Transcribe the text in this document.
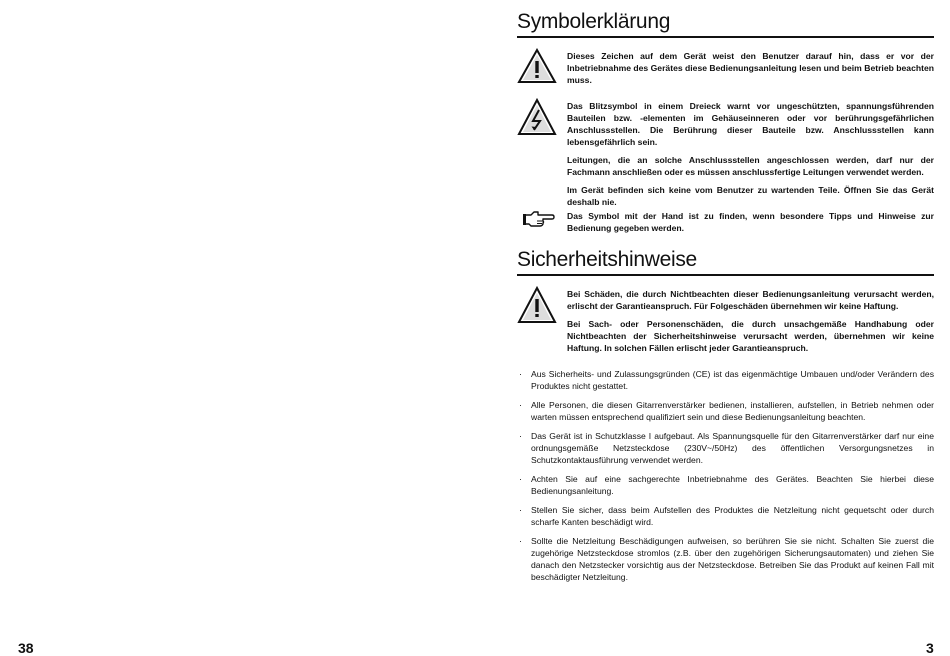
38	3
Symbolerklärung
Dieses Zeichen auf dem Gerät weist den Benutzer darauf hin, dass er vor der Inbetriebnahme des Gerätes diese Bedienungsanleitung lesen und beim Betrieb beachten muss.

Das Blitzsymbol in einem Dreieck warnt vor ungeschützten, spannungsführenden Bauteilen bzw. -elementen im Gehäuseinneren oder vor berührungsgefährlichen Anschlussstellen. Die Berührung dieser Bauteile bzw. Anschlussstellen kann lebensgefährlich sein.

Leitungen, die an solche Anschlussstellen angeschlossen werden, darf nur der Fachmann anschließen oder es müssen anschlussfertige Leitungen verwendet werden.

Im Gerät befinden sich keine vom Benutzer zu wartenden Teile. Öffnen Sie das Gerät deshalb nie.

Das Symbol mit der Hand ist zu finden, wenn besondere Tipps und Hinweise zur Bedienung gegeben werden.
Sicherheitshinweise

Bei Schäden, die durch Nichtbeachten dieser Bedienungsanleitung verursacht werden, erlischt der Garantieanspruch. Für Folgeschäden übernehmen wir keine Haftung.

Bei Sach- oder Personenschäden, die durch unsachgemäße Handhabung oder Nichtbeachten der Sicherheitshinweise verursacht werden, übernehmen wir keine Haftung. In solchen Fällen erlischt jeder Garantieanspruch.

· Aus Sicherheits- und Zulassungsgründen (CE) ist das eigenmächtige Umbauen und/oder Verändern des Produktes nicht gestattet.
· Alle Personen, die diesen Gitarrenverstärker bedienen, installieren, aufstellen, in Betrieb nehmen oder warten müssen entsprechend qualifiziert sein und diese Bedienungsanleitung beachten.
· Das Gerät ist in Schutzklasse I aufgebaut. Als Spannungsquelle für den Gitarrenverstärker darf nur eine ordnungsgemäße Netzsteckdose (230V~/50Hz) des öffentlichen Versorgungsnetzes in Schutzkontaktausführung verwendet werden.
· Achten Sie auf eine sachgerechte Inbetriebnahme des Gerätes. Beachten Sie hierbei diese Bedienungsanleitung.
· Stellen Sie sicher, dass beim Aufstellen des Produktes die Netzleitung nicht gequetscht oder durch scharfe Kanten beschädigt wird.
· Sollte die Netzleitung Beschädigungen aufweisen, so berühren Sie sie nicht. Schalten Sie zuerst die zugehörige Netzsteckdose stromlos (z.B. über den zugehörigen Sicherungsautomaten) und ziehen Sie danach den Netzstecker vorsichtig aus der Netzsteckdose. Betreiben Sie das Produkt auf keinen Fall mit beschädigter Netzleitung.
